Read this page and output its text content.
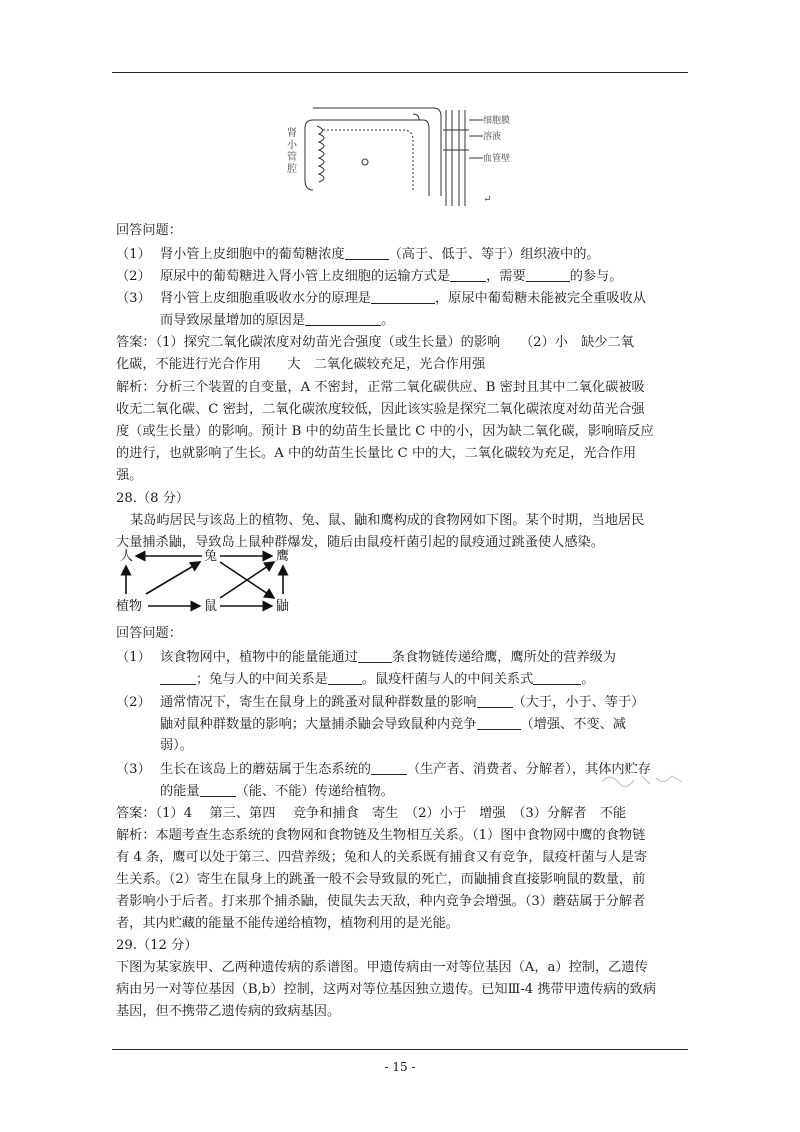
肾
小
管
腔
细胞膜
溶液
血管壁
↵
回答问题：
（1） 肾小管上皮细胞中的葡萄糖浓度	（高于、低于、等于）组织液中的。
（2） 原尿中的葡萄糖进入肾小管上皮细胞的运输方式是	，需要	的参与。
（3） 肾小管上皮细胞重吸收水分的原理是	，原尿中葡萄糖未能被完全重吸收从
而导致尿量增加的原因是	。
答案：（1）探究二氧化碳浓度对幼苗光合强度（或生长量）的影响　　（2）小　缺少二氧
化碳，不能进行光合作用　　大　二氧化碳较充足，光合作用强
解析：分析三个装置的自变量，A 不密封，正常二氧化碳供应、B 密封且其中二氧化碳被吸
收无二氧化碳、C 密封，二氧化碳浓度较低，因此该实验是探究二氧化碳浓度对幼苗光合强
度（或生长量）的影响。预计 B 中的幼苗生长量比 C 中的小，因为缺二氧化碳，影响暗反应
的进行，也就影响了生长。A 中的幼苗生长量比 C 中的大，二氧化碳较为充足，光合作用
强。
28.（8 分）
某岛屿居民与该岛上的植物、兔、鼠、鼬和鹰构成的食物网如下图。某个时期，当地居民
大量捕杀鼬，导致岛上鼠种群爆发，随后由鼠疫杆菌引起的鼠疫通过跳蚤使人感染。
人	兔	鹰
植物	鼠	鼬
回答问题：
（1） 该食物网中，植物中的能量能通过	条食物链传递给鹰，鹰所处的营养级为
；兔与人的中间关系是	。鼠疫杆菌与人的中间关系式	。
（2） 通常情况下，寄生在鼠身上的跳蚤对鼠种群数量的影响	（大于，小于、等于）
鼬对鼠种群数量的影响；大量捕杀鼬会导致鼠种内竞争	（增强、不变、减
弱）。
（3） 生长在该岛上的蘑菇属于生态系统的	（生产者、消费者、分解者），其体内贮存
的能量	（能、不能）传递给植物。
答案：（1）4　 第三、第四　 竞争和捕食　寄生　（2）小于　增强　（3）分解者　不能
解析：本题考查生态系统的食物网和食物链及生物相互关系。（1）图中食物网中鹰的食物链
有 4 条，鹰可以处于第三、四营养级；兔和人的关系既有捕食又有竞争，鼠疫杆菌与人是寄
生关系。（2）寄生在鼠身上的跳蚤一般不会导致鼠的死亡，而鼬捕食直接影响鼠的数量，前
者影响小于后者。打来那个捕杀鼬，使鼠失去天敌，种内竞争会增强。（3）蘑菇属于分解者
者，其内贮藏的能量不能传递给植物，植物利用的是光能。
29.（12 分）
下图为某家族甲、乙两种遗传病的系谱图。甲遗传病由一对等位基因（A，a）控制，乙遗传
病由另一对等位基因（B,b）控制，这两对等位基因独立遗传。已知Ⅲ-4 携带甲遗传病的致病
基因，但不携带乙遗传病的致病基因。
- 15 -
